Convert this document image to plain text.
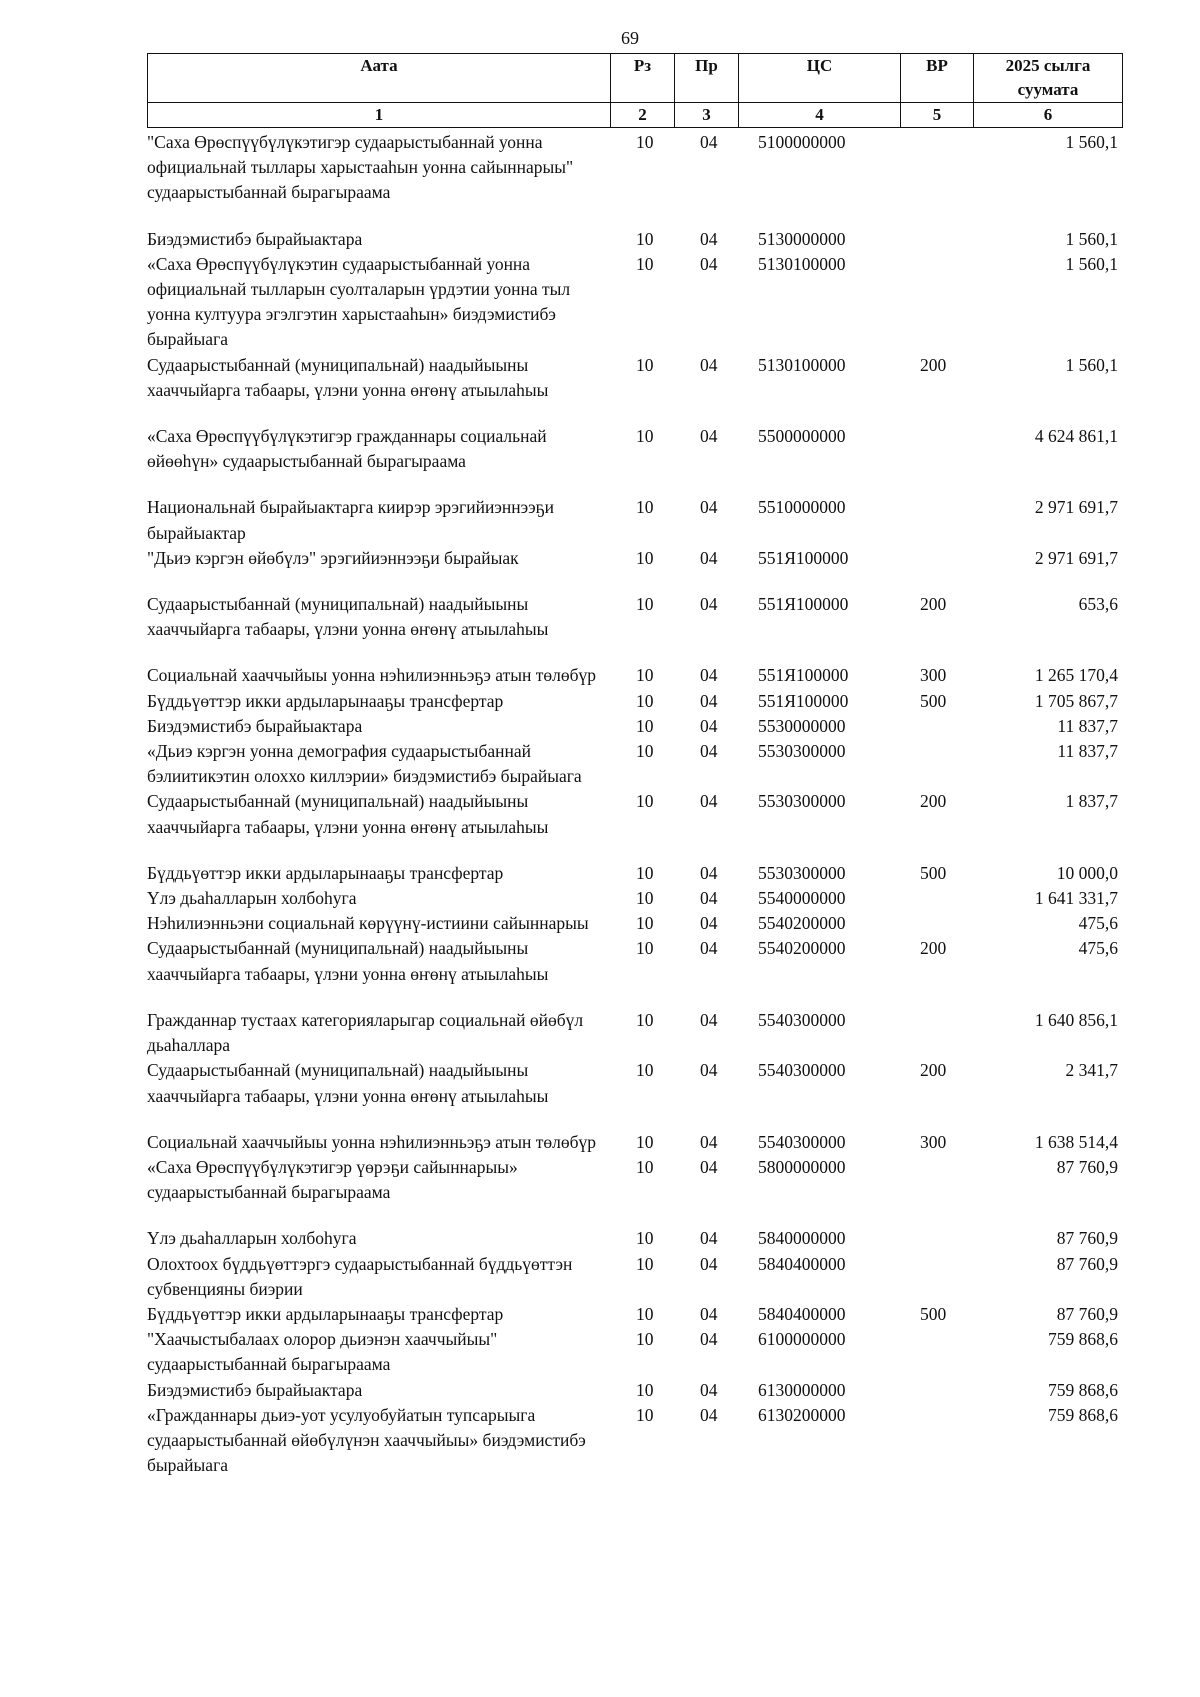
69
Аата	Рз	Пр	ЦС	ВР	2025 сылга суумата
1	2	3	4	5	6
"Саха Өрөспүүбүлүкэтигэр судаарыстыбаннай уонна официальнай тыллары харыстааһын уонна сайыннарыы" судаарыстыбаннай бырагыраама	10	04	5100000000		1 560,1
Биэдэмистибэ бырайыактара	10	04	5130000000		1 560,1
«Саха Өрөспүүбүлүкэтин судаарыстыбаннай уонна официальнай тылларын суолталарын үрдэтии уонна тыл уонна култуура эгэлгэтин харыстааһын» биэдэмистибэ бырайыагa	10	04	5130100000		1 560,1
Судаарыстыбаннай (муниципальнай) наадыйыыны хааччыйарга табаары, үлэни уонна өҥөнү атыылаһыы	10	04	5130100000	200	1 560,1
«Саха Өрөспүүбүлүкэтигэр гражданнары социальнай өйөөһүн» судаарыстыбаннай бырагыраама	10	04	5500000000		4 624 861,1
Национальнай бырайыактарга киирэр эрэгийиэннээҕи бырайыактар	10	04	5510000000		2 971 691,7
"Дьиэ кэргэн өйөбүлэ" эрэгийиэннээҕи бырайыак	10	04	551Я100000		2 971 691,7
Судаарыстыбаннай (муниципальнай) наадыйыыны хааччыйарга табаары, үлэни уонна өҥөнү атыылаһыы	10	04	551Я100000	200	653,6
Социальнай хааччыйыы уонна нэһилиэнньэҕэ атын төлөбүр	10	04	551Я100000	300	1 265 170,4
Бүддьүөттэр икки ардыларынааҕы трансфертар	10	04	551Я100000	500	1 705 867,7
Биэдэмистибэ бырайыактара	10	04	5530000000		11 837,7
«Дьиэ кэргэн уонна демография судаарыстыбаннай бэлиитикэтин олоххо киллэрии» биэдэмистибэ бырайыагa	10	04	5530300000		11 837,7
Судаарыстыбаннай (муниципальнай) наадыйыыны хааччыйарга табаары, үлэни уонна өҥөнү атыылаһыы	10	04	5530300000	200	1 837,7
Бүддьүөттэр икки ардыларынааҕы трансфертар	10	04	5530300000	500	10 000,0
Үлэ дьаһалларын холбоһуга	10	04	5540000000		1 641 331,7
Нэһилиэнньэни социальнай көрүүнү-истиини сайыннарыы	10	04	5540200000		475,6
Судаарыстыбаннай (муниципальнай) наадыйыыны хааччыйарга табаары, үлэни уонна өҥөнү атыылаһыы	10	04	5540200000	200	475,6
Гражданнар тустаах категорияларыгар социальнай өйөбүл дьаһаллара	10	04	5540300000		1 640 856,1
Судаарыстыбаннай (муниципальнай) наадыйыыны хааччыйарга табаары, үлэни уонна өҥөнү атыылаһыы	10	04	5540300000	200	2 341,7
Социальнай хааччыйыы уонна нэһилиэнньэҕэ атын төлөбүр	10	04	5540300000	300	1 638 514,4
«Саха Өрөспүүбүлүкэтигэр үөрэҕи сайыннарыы» судаарыстыбаннай бырагыраама	10	04	5800000000		87 760,9
Үлэ дьаһалларын холбоһуга	10	04	5840000000		87 760,9
Олохтоох бүддьүөттэргэ судаарыстыбаннай бүддьүөттэн субвенцияны биэрии	10	04	5840400000		87 760,9
Бүддьүөттэр икки ардыларынааҕы трансфертар	10	04	5840400000	500	87 760,9
"Хаачыстыбалаах олорор дьиэнэн хааччыйыы" судаарыстыбаннай бырагыраама	10	04	6100000000		759 868,6
Биэдэмистибэ бырайыактара	10	04	6130000000		759 868,6
«Гражданнары дьиэ-уот усулуобуйатын тупсарыыга судаарыстыбаннай өйөбүлүнэн хааччыйыы» биэдэмистибэ бырайыагa	10	04	6130200000		759 868,6
